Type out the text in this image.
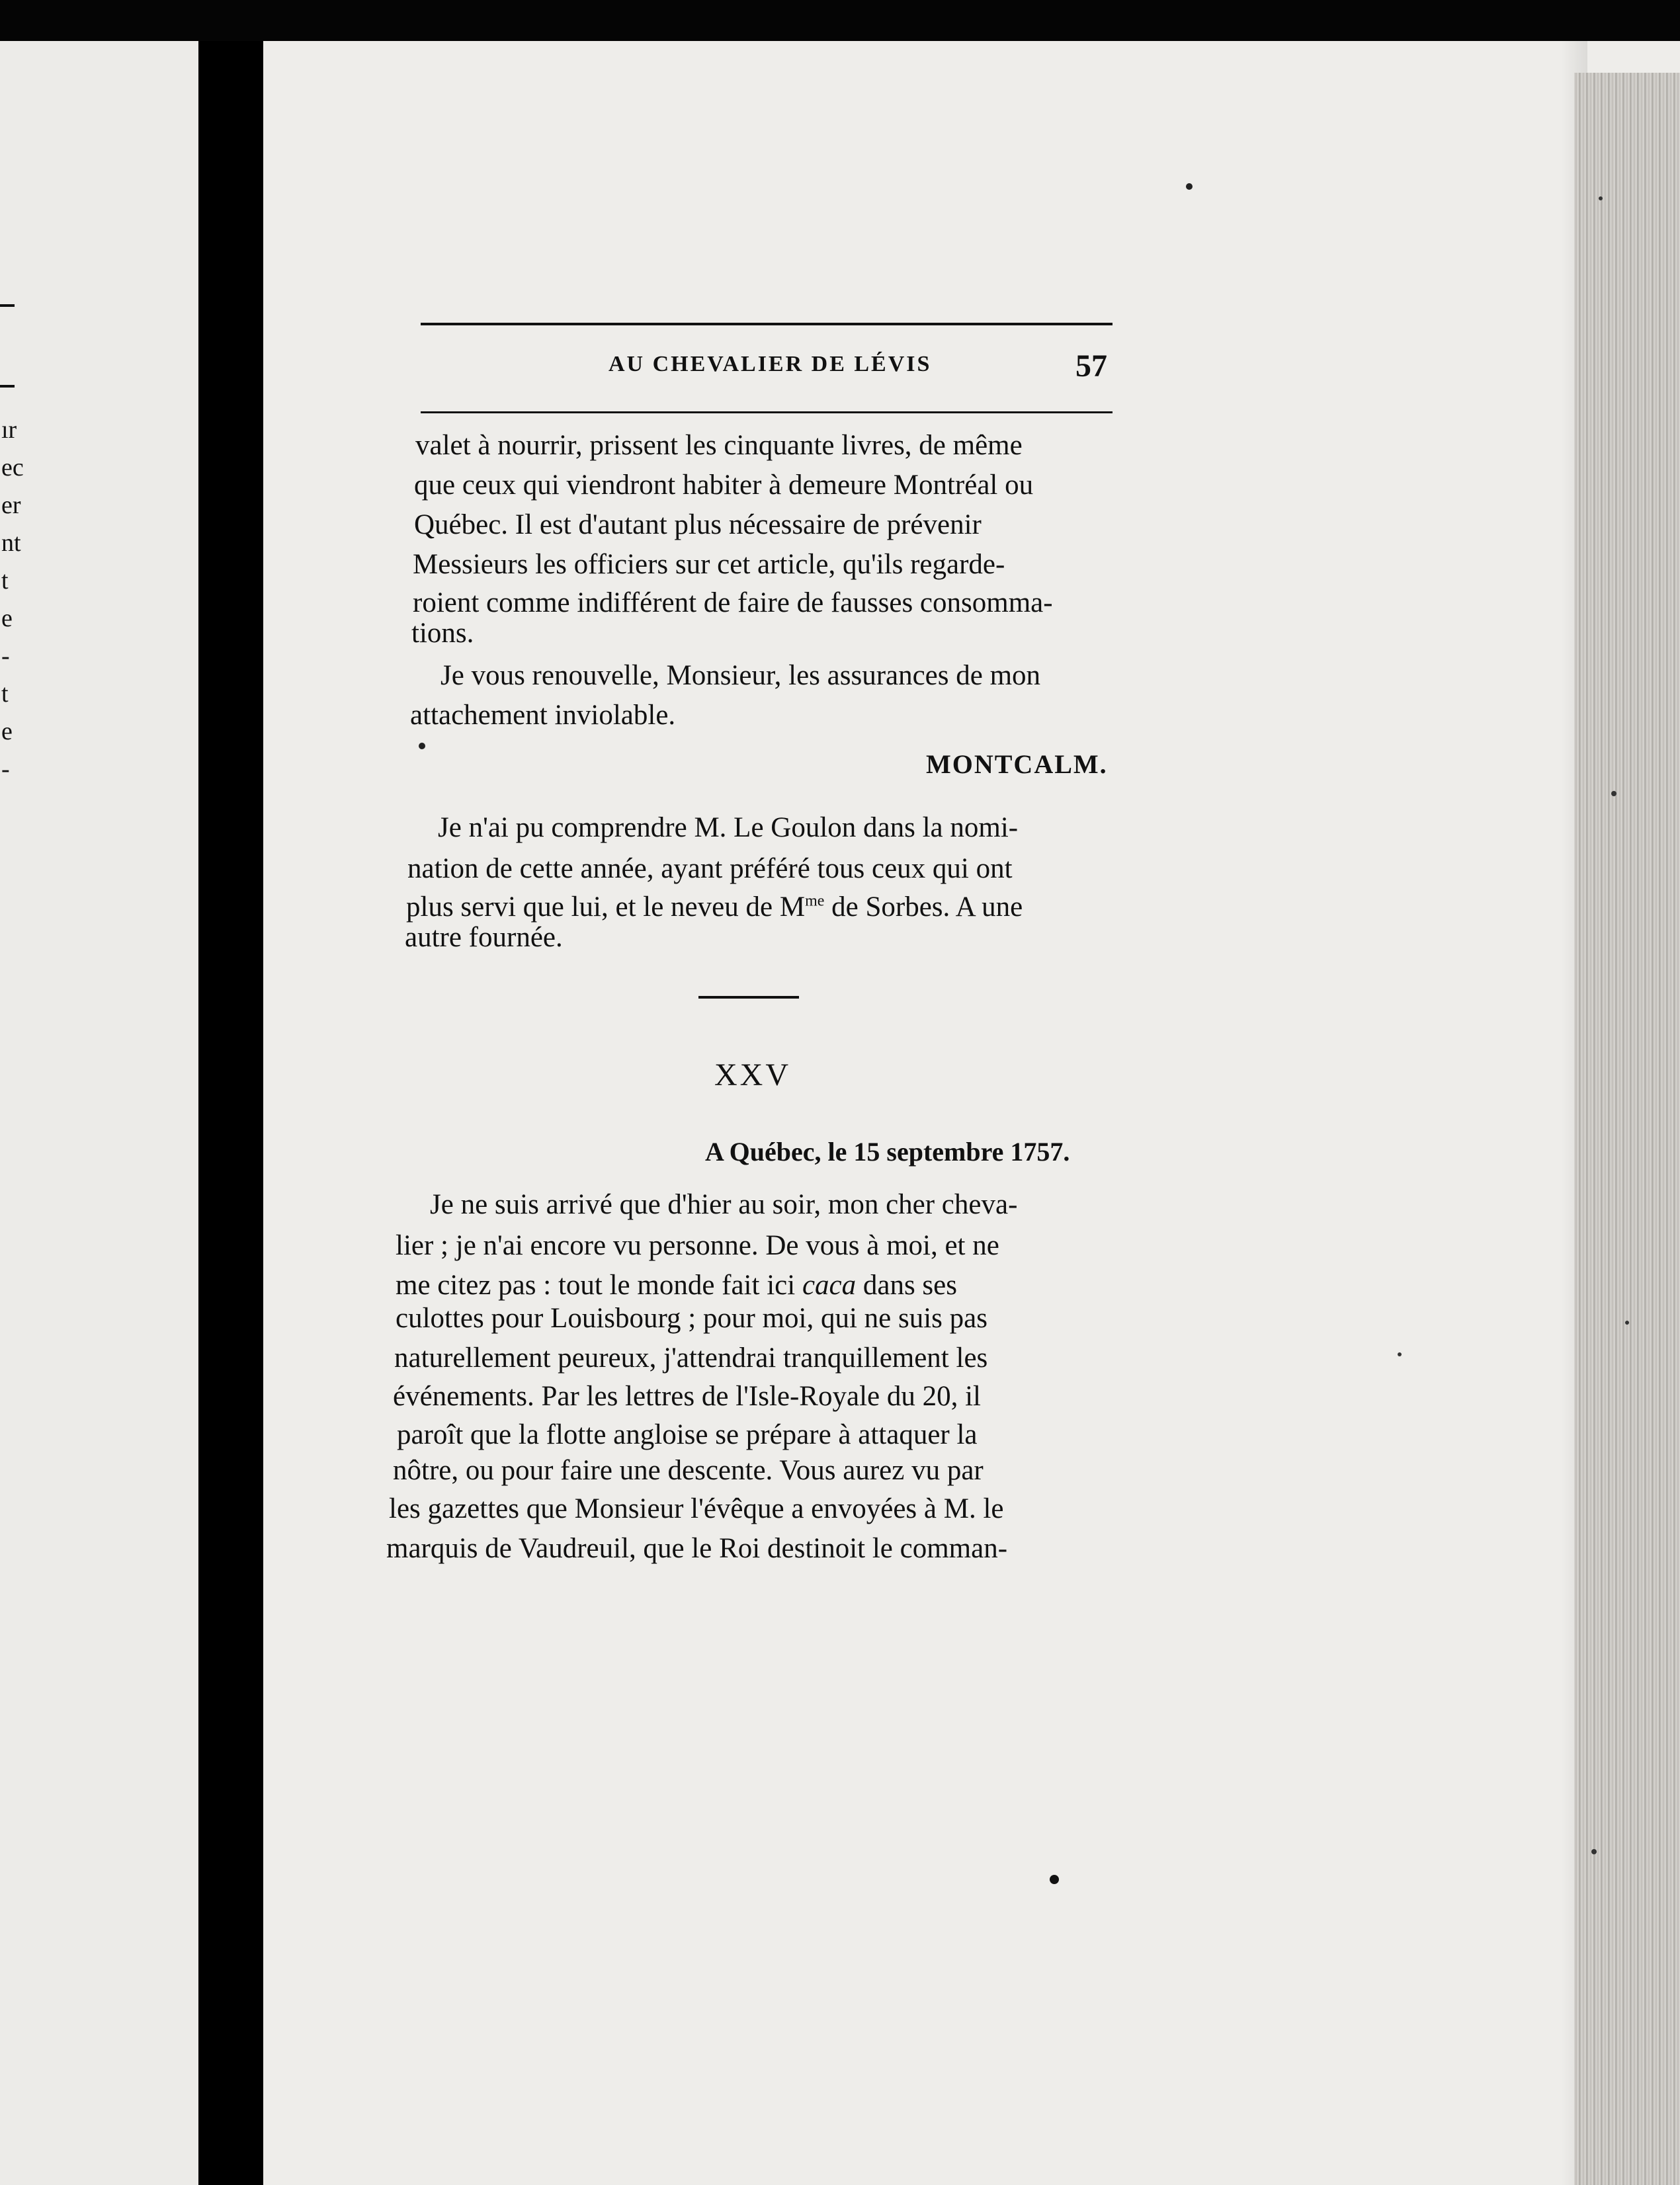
ır
ec
er
nt
t
e
-
t
e
-
AU CHEVALIER DE LÉVIS	57
valet à nourrir, prissent les cinquante livres, de même
que ceux qui viendront habiter à demeure Montréal ou
Québec. Il est d'autant plus nécessaire de prévenir
Messieurs les officiers sur cet article, qu'ils regarde-
roient comme indifférent de faire de fausses consomma-
tions.
Je vous renouvelle, Monsieur, les assurances de mon
attachement inviolable.
MONTCALM.
Je n'ai pu comprendre M. Le Goulon dans la nomi-
nation de cette année, ayant préféré tous ceux qui ont
plus servi que lui, et le neveu de $M^{me}$ de Sorbes. A une
autre fournée.
XXV
A Québec, le 15 septembre 1757.
Je ne suis arrivé que d'hier au soir, mon cher cheva-
lier ; je n'ai encore vu personne. De vous à moi, et ne
me citez pas : tout le monde fait ici caca dans ses
culottes pour Louisbourg ; pour moi, qui ne suis pas
naturellement peureux, j'attendrai tranquillement les
événements. Par les lettres de l'Isle-Royale du 20, il
paroît que la flotte angloise se prépare à attaquer la
nôtre, ou pour faire une descente. Vous aurez vu par
les gazettes que Monsieur l'évêque a envoyées à M. le
marquis de Vaudreuil, que le Roi destinoit le comman-
